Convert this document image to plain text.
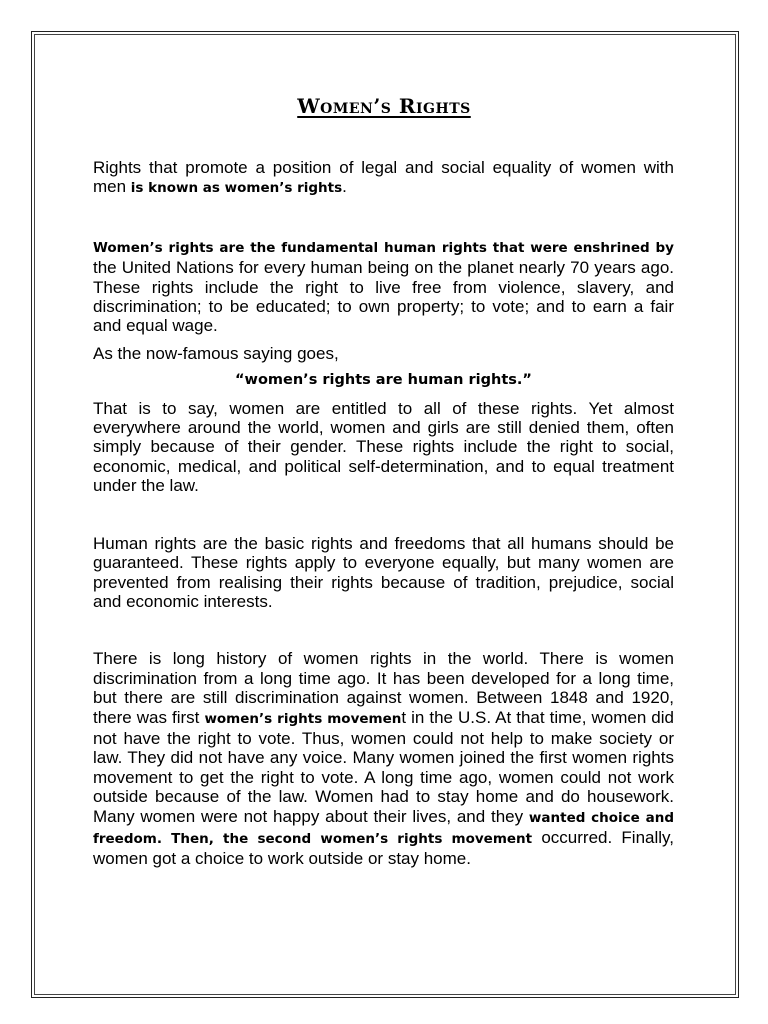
Women’s Rights

Rights that promote a position of legal and social equality of women with men is known as women’s rights.

Women’s rights are the fundamental human rights that were enshrined by the United Nations for every human being on the planet nearly 70 years ago. These rights include the right to live free from violence, slavery, and discrimination; to be educated; to own property; to vote; and to earn a fair and equal wage.

As the now-famous saying goes,

“women’s rights are human rights.”

That is to say, women are entitled to all of these rights. Yet almost everywhere around the world, women and girls are still denied them, often simply because of their gender. These rights include the right to social, economic, medical, and political self-determination, and to equal treatment under the law.

Human rights are the basic rights and freedoms that all humans should be guaranteed. These rights apply to everyone equally, but many women are prevented from realising their rights because of tradition, prejudice, social and economic interests.

There is long history of women rights in the world. There is women discrimination from a long time ago. It has been developed for a long time, but there are still discrimination against women. Between 1848 and 1920, there was first women’s rights movement in the U.S. At that time, women did not have the right to vote. Thus, women could not help to make society or law. They did not have any voice. Many women joined the first women rights movement to get the right to vote. A long time ago, women could not work outside because of the law. Women had to stay home and do housework. Many women were not happy about their lives, and they wanted choice and freedom. Then, the second women’s rights movement occurred. Finally, women got a choice to work outside or stay home.
